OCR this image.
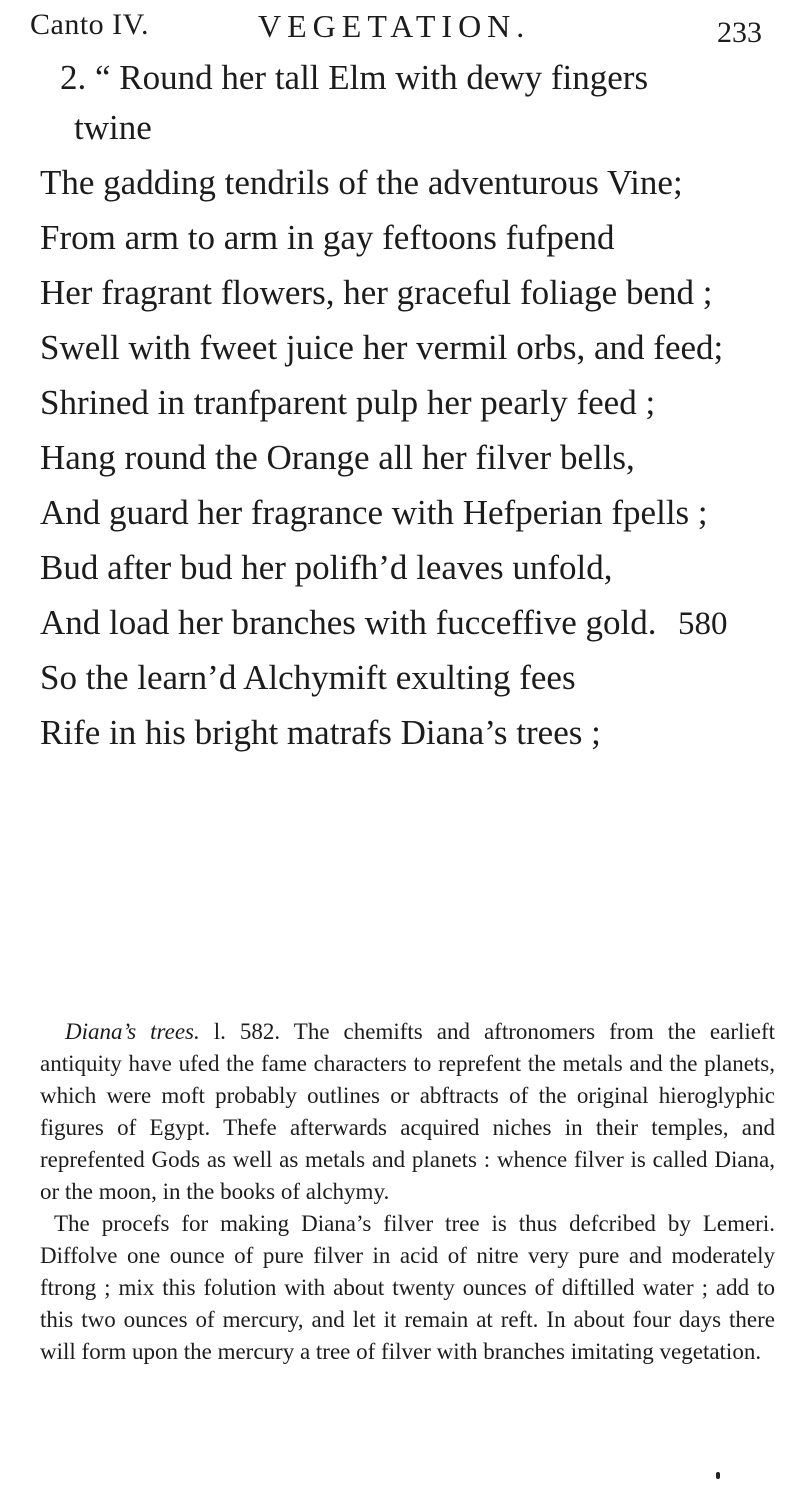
Canto IV.	VEGETATION.	233
2. “ Round her tall Elm with dewy fingers
twine
The gadding tendrils of the adventurous Vine;
From arm to arm in gay feftoons fufpend
Her fragrant flowers, her graceful foliage bend ;
Swell with fweet juice her vermil orbs, and feed;
Shrined in tranfparent pulp her pearly feed ;
Hang round the Orange all her filver bells,
And guard her fragrance with Hefperian fpells ;
Bud after bud her polifh’d leaves unfold,
And load her branches with fucceffive gold. 580
So the learn’d Alchymift exulting fees
Rife in his bright matrafs Diana’s trees ;

Diana’s trees. l. 582. The chemifts and aftronomers from the earlieft antiquity have ufed the fame characters to reprefent the metals and the planets, which were moft probably outlines or abftracts of the original hieroglyphic figures of Egypt. Thefe afterwards acquired niches in their temples, and reprefented Gods as well as metals and planets : whence filver is called Diana, or the moon, in the books of alchymy.

The procefs for making Diana’s filver tree is thus defcribed by Lemeri. Diffolve one ounce of pure filver in acid of nitre very pure and moderately ftrong ; mix this folution with about twenty ounces of diftilled water ; add to this two ounces of mercury, and let it remain at reft. In about four days there will form upon the mercury a tree of filver with branches imitating vegetation.
